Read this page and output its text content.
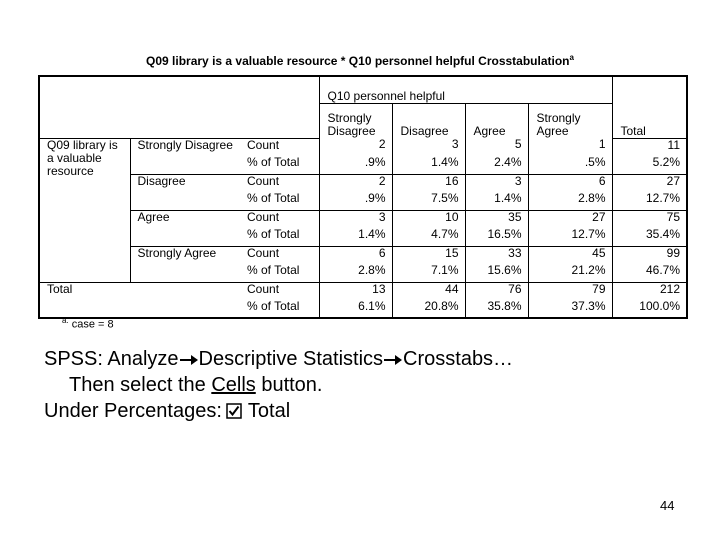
Q09 library is a valuable resource * Q10 personnel helpful Crosstabulation$^a$
			Q10 personnel helpful				Total

			Strongly Disagree	Disagree	Agree	Strongly Agree	

Q09 library is a valuable resource	Strongly Disagree	Count	2	3	5	1	11
		% of Total	.9%	1.4%	2.4%	.5%	5.2%
	Disagree	Count	2	16	3	6	27
		% of Total	.9%	7.5%	1.4%	2.8%	12.7%
	Agree	Count	3	10	35	27	75
		% of Total	1.4%	4.7%	16.5%	12.7%	35.4%
	Strongly Agree	Count	6	15	33	45	99
		% of Total	2.8%	7.1%	15.6%	21.2%	46.7%
Total		Count	13	44	76	79	212
		% of Total	6.1%	20.8%	35.8%	37.3%	100.0%
$^{a.}$ case = 8
SPSS: Analyze Descriptive Statistics Crosstabs…
Then select the Cells button.
Under Percentages: Total
44
